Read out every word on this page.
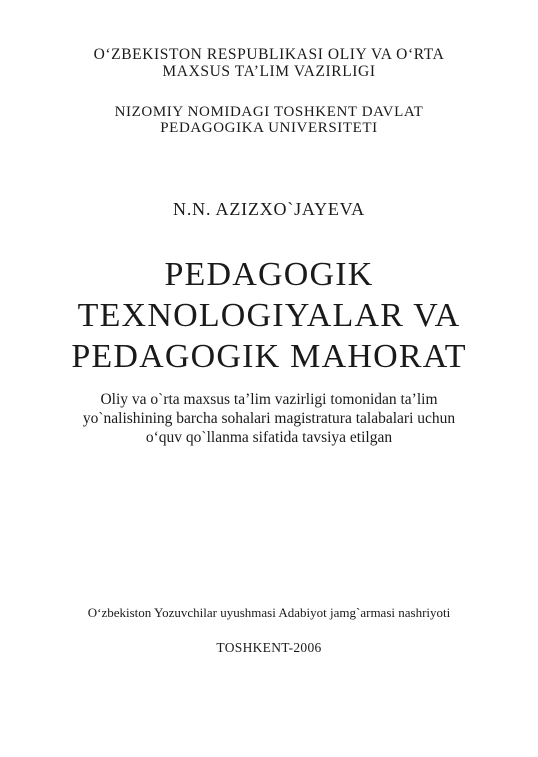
O‘ZBEKISTON RESPUBLIKASI OLIY VA O‘RTA
MAXSUS TA’LIM VAZIRLIGI
NIZOMIY NOMIDAGI TOSHKENT DAVLAT
PEDAGOGIKA UNIVERSITETI
N.N. AZIZXO`JAYEVA
PEDAGOGIK
TEXNOLOGIYALAR VA
PEDAGOGIK MAHORAT
Oliy va o`rta maxsus ta’lim vazirligi tomonidan ta’lim
yo`nalishining barcha sohalari magistratura talabalari uchun
o‘quv qo`llanma sifatida tavsiya etilgan
O‘zbekiston Yozuvchilar uyushmasi Adabiyot jamg`armasi nashriyoti
TOSHKENT-2006
